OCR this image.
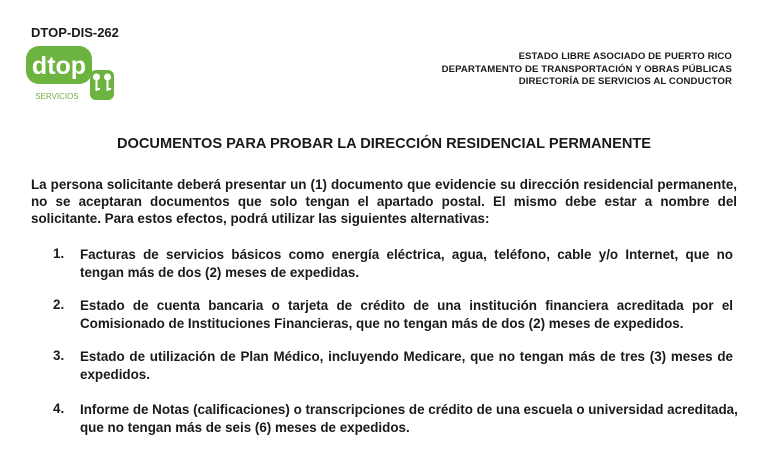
DTOP-DIS-262
dtop
SERVICIOS
ESTADO LIBRE ASOCIADO DE PUERTO RICO
DEPARTAMENTO DE TRANSPORTACIÓN Y OBRAS PÚBLICAS
DIRECTORÍA DE SERVICIOS AL CONDUCTOR
DOCUMENTOS PARA PROBAR LA DIRECCIÓN RESIDENCIAL PERMANENTE
La persona solicitante deberá presentar un (1) documento que evidencie su dirección residencial permanente,
no se aceptaran documentos que solo tengan el apartado postal. El mismo debe estar a nombre del
solicitante. Para estos efectos, podrá utilizar las siguientes alternativas:
1. Facturas de servicios básicos como energía eléctrica, agua, teléfono, cable y/o Internet, que no
tengan más de dos (2) meses de expedidas.
2. Estado de cuenta bancaria o tarjeta de crédito de una institución financiera acreditada por el
Comisionado de Instituciones Financieras, que no tengan más de dos (2) meses de expedidos.
3. Estado de utilización de Plan Médico, incluyendo Medicare, que no tengan más de tres (3) meses de
expedidos.
4. Informe de Notas (calificaciones) o transcripciones de crédito de una escuela o universidad acreditada,
que no tengan más de seis (6) meses de expedidos.
